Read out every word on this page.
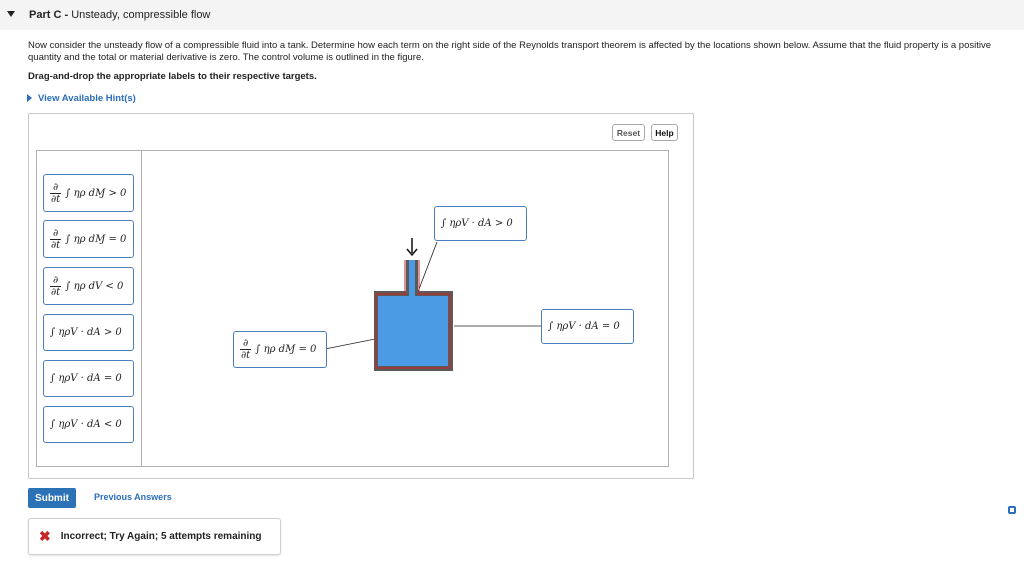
Part C - Unsteady, compressible flow
Now consider the unsteady flow of a compressible fluid into a tank. Determine how each term on the right side of the Reynolds transport theorem is affected by the locations shown below. Assume that the fluid property is a positive quantity and the total or material derivative is zero. The control volume is outlined in the figure.
Drag-and-drop the appropriate labels to their respective targets.
View Available Hint(s)
Reset	Help
$\frac{\partial}{\partial t}$ ∫ ηρ dⱮ > 0
$\frac{\partial}{\partial t}$ ∫ ηρ dⱮ = 0
$\frac{\partial}{\partial t}$ ∫ ηρ dV < 0
∫ ηρV · dA > 0
∫ ηρV · dA = 0
∫ ηρV · dA < 0
$\frac{\partial}{\partial t}$ ∫ ηρ dⱮ = 0
∫ ηρV · dA > 0
∫ ηρV · dA = 0
Submit	Previous Answers
✖ Incorrect; Try Again; 5 attempts remaining
